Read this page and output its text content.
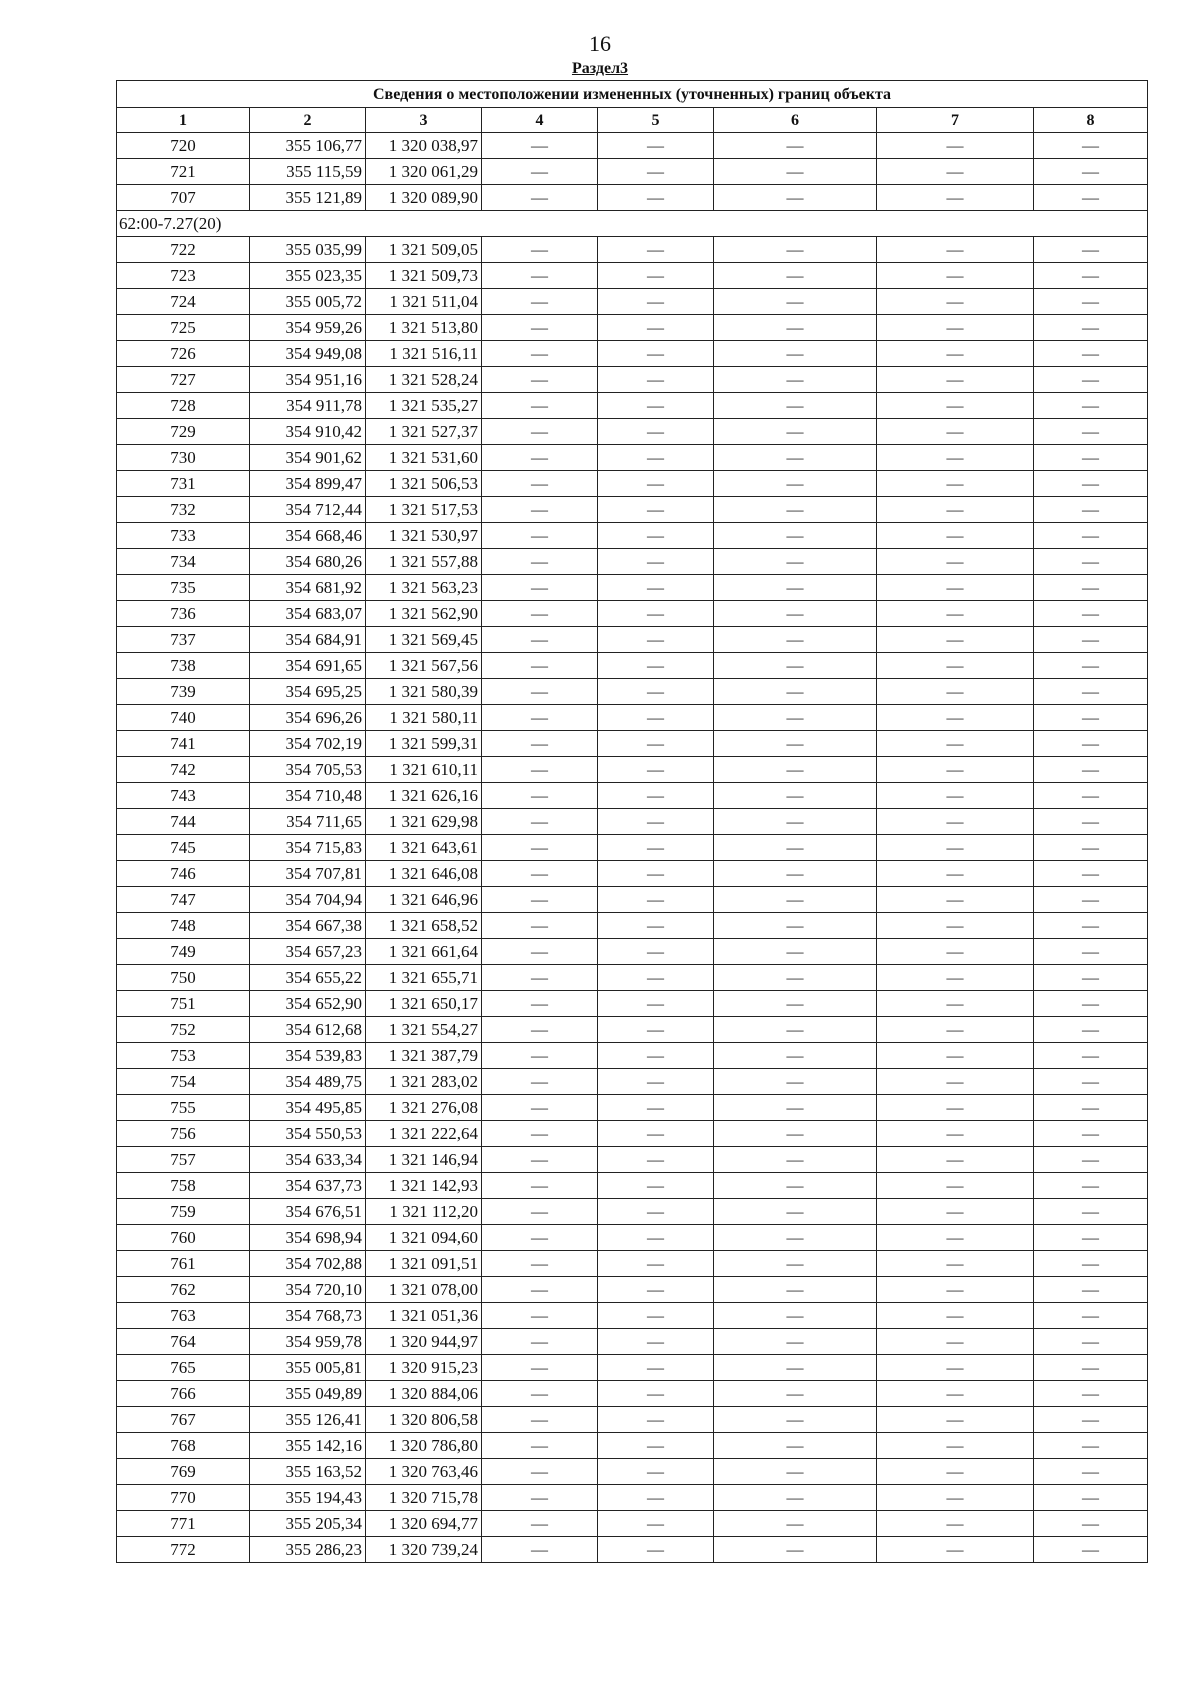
16
Раздел3
Сведения о местоположении измененных (уточненных) границ объекта							
1	2	3	4	5	6	7	8
720	355 106,77	1 320 038,97	—	—	—	—	—
721	355 115,59	1 320 061,29	—	—	—	—	—
707	355 121,89	1 320 089,90	—	—	—	—	—
62:00-7.27(20)							
722	355 035,99	1 321 509,05	—	—	—	—	—
723	355 023,35	1 321 509,73	—	—	—	—	—
724	355 005,72	1 321 511,04	—	—	—	—	—
725	354 959,26	1 321 513,80	—	—	—	—	—
726	354 949,08	1 321 516,11	—	—	—	—	—
727	354 951,16	1 321 528,24	—	—	—	—	—
728	354 911,78	1 321 535,27	—	—	—	—	—
729	354 910,42	1 321 527,37	—	—	—	—	—
730	354 901,62	1 321 531,60	—	—	—	—	—
731	354 899,47	1 321 506,53	—	—	—	—	—
732	354 712,44	1 321 517,53	—	—	—	—	—
733	354 668,46	1 321 530,97	—	—	—	—	—
734	354 680,26	1 321 557,88	—	—	—	—	—
735	354 681,92	1 321 563,23	—	—	—	—	—
736	354 683,07	1 321 562,90	—	—	—	—	—
737	354 684,91	1 321 569,45	—	—	—	—	—
738	354 691,65	1 321 567,56	—	—	—	—	—
739	354 695,25	1 321 580,39	—	—	—	—	—
740	354 696,26	1 321 580,11	—	—	—	—	—
741	354 702,19	1 321 599,31	—	—	—	—	—
742	354 705,53	1 321 610,11	—	—	—	—	—
743	354 710,48	1 321 626,16	—	—	—	—	—
744	354 711,65	1 321 629,98	—	—	—	—	—
745	354 715,83	1 321 643,61	—	—	—	—	—
746	354 707,81	1 321 646,08	—	—	—	—	—
747	354 704,94	1 321 646,96	—	—	—	—	—
748	354 667,38	1 321 658,52	—	—	—	—	—
749	354 657,23	1 321 661,64	—	—	—	—	—
750	354 655,22	1 321 655,71	—	—	—	—	—
751	354 652,90	1 321 650,17	—	—	—	—	—
752	354 612,68	1 321 554,27	—	—	—	—	—
753	354 539,83	1 321 387,79	—	—	—	—	—
754	354 489,75	1 321 283,02	—	—	—	—	—
755	354 495,85	1 321 276,08	—	—	—	—	—
756	354 550,53	1 321 222,64	—	—	—	—	—
757	354 633,34	1 321 146,94	—	—	—	—	—
758	354 637,73	1 321 142,93	—	—	—	—	—
759	354 676,51	1 321 112,20	—	—	—	—	—
760	354 698,94	1 321 094,60	—	—	—	—	—
761	354 702,88	1 321 091,51	—	—	—	—	—
762	354 720,10	1 321 078,00	—	—	—	—	—
763	354 768,73	1 321 051,36	—	—	—	—	—
764	354 959,78	1 320 944,97	—	—	—	—	—
765	355 005,81	1 320 915,23	—	—	—	—	—
766	355 049,89	1 320 884,06	—	—	—	—	—
767	355 126,41	1 320 806,58	—	—	—	—	—
768	355 142,16	1 320 786,80	—	—	—	—	—
769	355 163,52	1 320 763,46	—	—	—	—	—
770	355 194,43	1 320 715,78	—	—	—	—	—
771	355 205,34	1 320 694,77	—	—	—	—	—
772	355 286,23	1 320 739,24	—	—	—	—	—
